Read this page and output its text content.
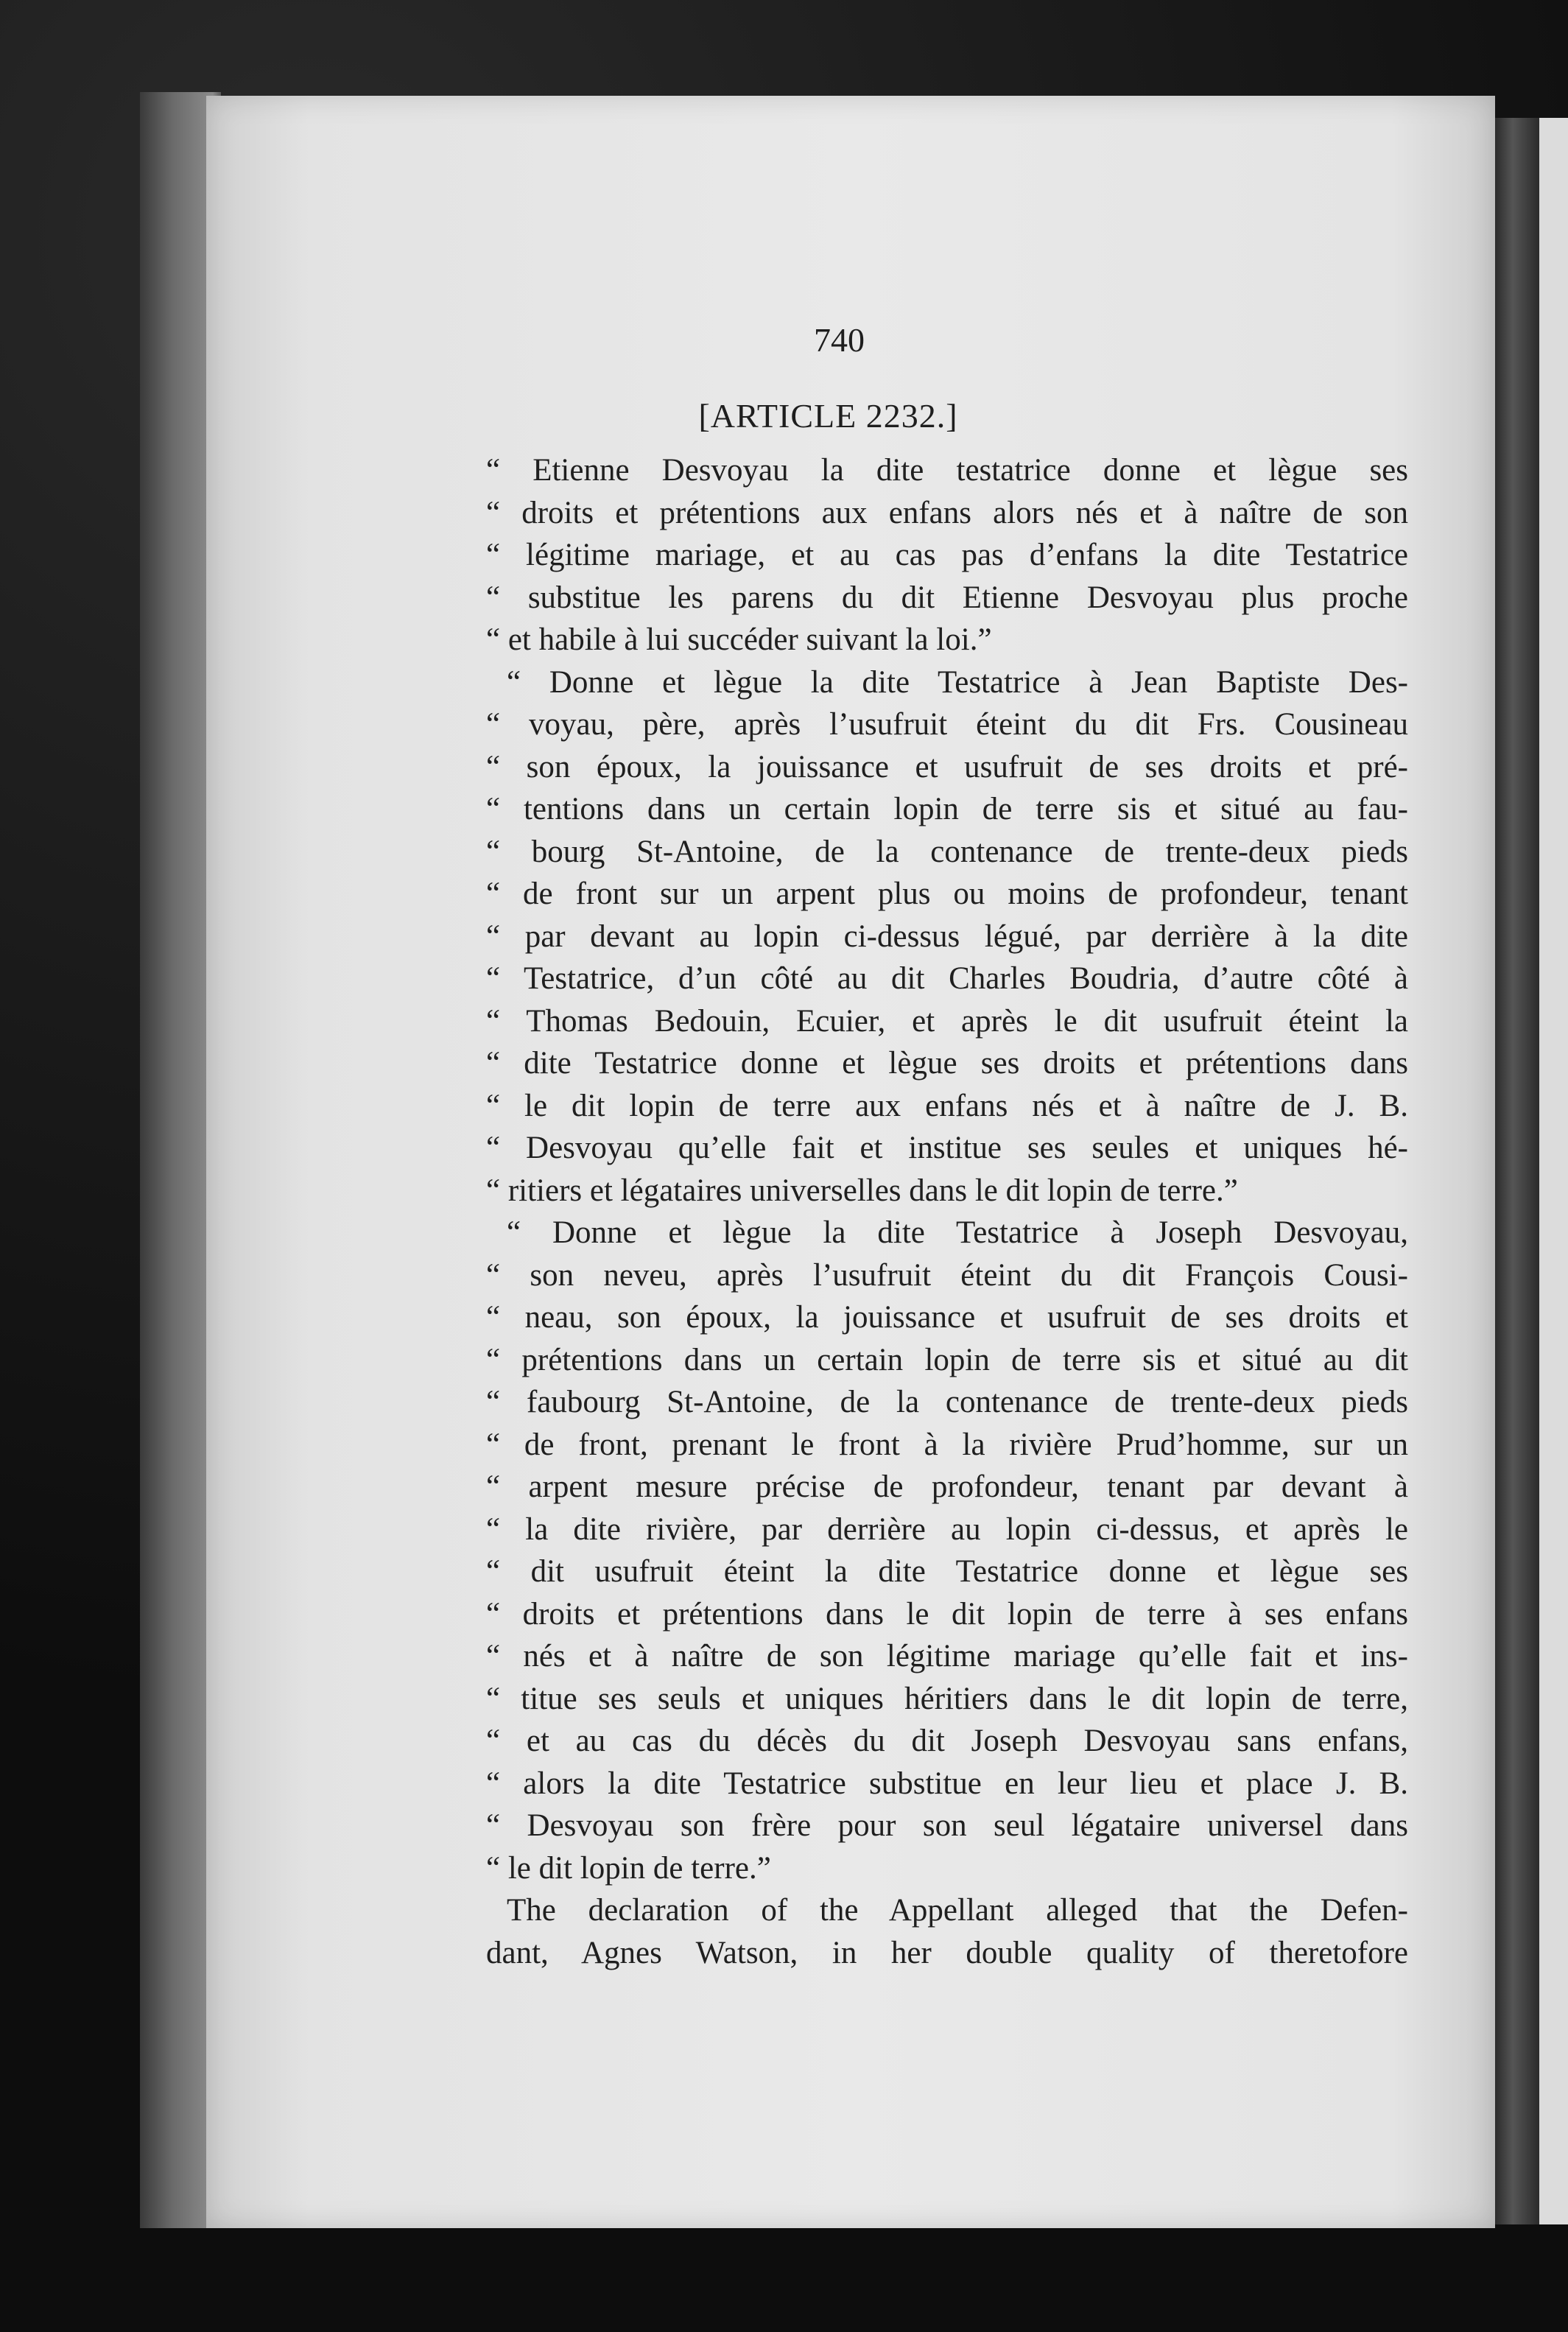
740
[ARTICLE 2232.]
“ Etienne Desvoyau la dite testatrice donne et lègue ses
“ droits et prétentions aux enfans alors nés et à naître de son
“ légitime mariage, et au cas pas d’enfans la dite Testatrice
“ substitue les parens du dit Etienne Desvoyau plus proche
“ et habile à lui succéder suivant la loi.”
“ Donne et lègue la dite Testatrice à Jean Baptiste Des-
“ voyau, père, après l’usufruit éteint du dit Frs. Cousineau
“ son époux, la jouissance et usufruit de ses droits et pré-
“ tentions dans un certain lopin de terre sis et situé au fau-
“ bourg St-Antoine, de la contenance de trente-deux pieds
“ de front sur un arpent plus ou moins de profondeur, tenant
“ par devant au lopin ci-dessus légué, par derrière à la dite
“ Testatrice, d’un côté au dit Charles Boudria, d’autre côté à
“ Thomas Bedouin, Ecuier, et après le dit usufruit éteint la
“ dite Testatrice donne et lègue ses droits et prétentions dans
“ le dit lopin de terre aux enfans nés et à naître de J. B.
“ Desvoyau qu’elle fait et institue ses seules et uniques hé-
“ ritiers et légataires universelles dans le dit lopin de terre.”
“ Donne et lègue la dite Testatrice à Joseph Desvoyau,
“ son neveu, après l’usufruit éteint du dit François Cousi-
“ neau, son époux, la jouissance et usufruit de ses droits et
“ prétentions dans un certain lopin de terre sis et situé au dit
“ faubourg St-Antoine, de la contenance de trente-deux pieds
“ de front, prenant le front à la rivière Prud’homme, sur un
“ arpent mesure précise de profondeur, tenant par devant à
“ la dite rivière, par derrière au lopin ci-dessus, et après le
“ dit usufruit éteint la dite Testatrice donne et lègue ses
“ droits et prétentions dans le dit lopin de terre à ses enfans
“ nés et à naître de son légitime mariage qu’elle fait et ins-
“ titue ses seuls et uniques héritiers dans le dit lopin de terre,
“ et au cas du décès du dit Joseph Desvoyau sans enfans,
“ alors la dite Testatrice substitue en leur lieu et place J. B.
“ Desvoyau son frère pour son seul légataire universel dans
“ le dit lopin de terre.”
The declaration of the Appellant alleged that the Defen-
dant, Agnes Watson, in her double quality of theretofore
